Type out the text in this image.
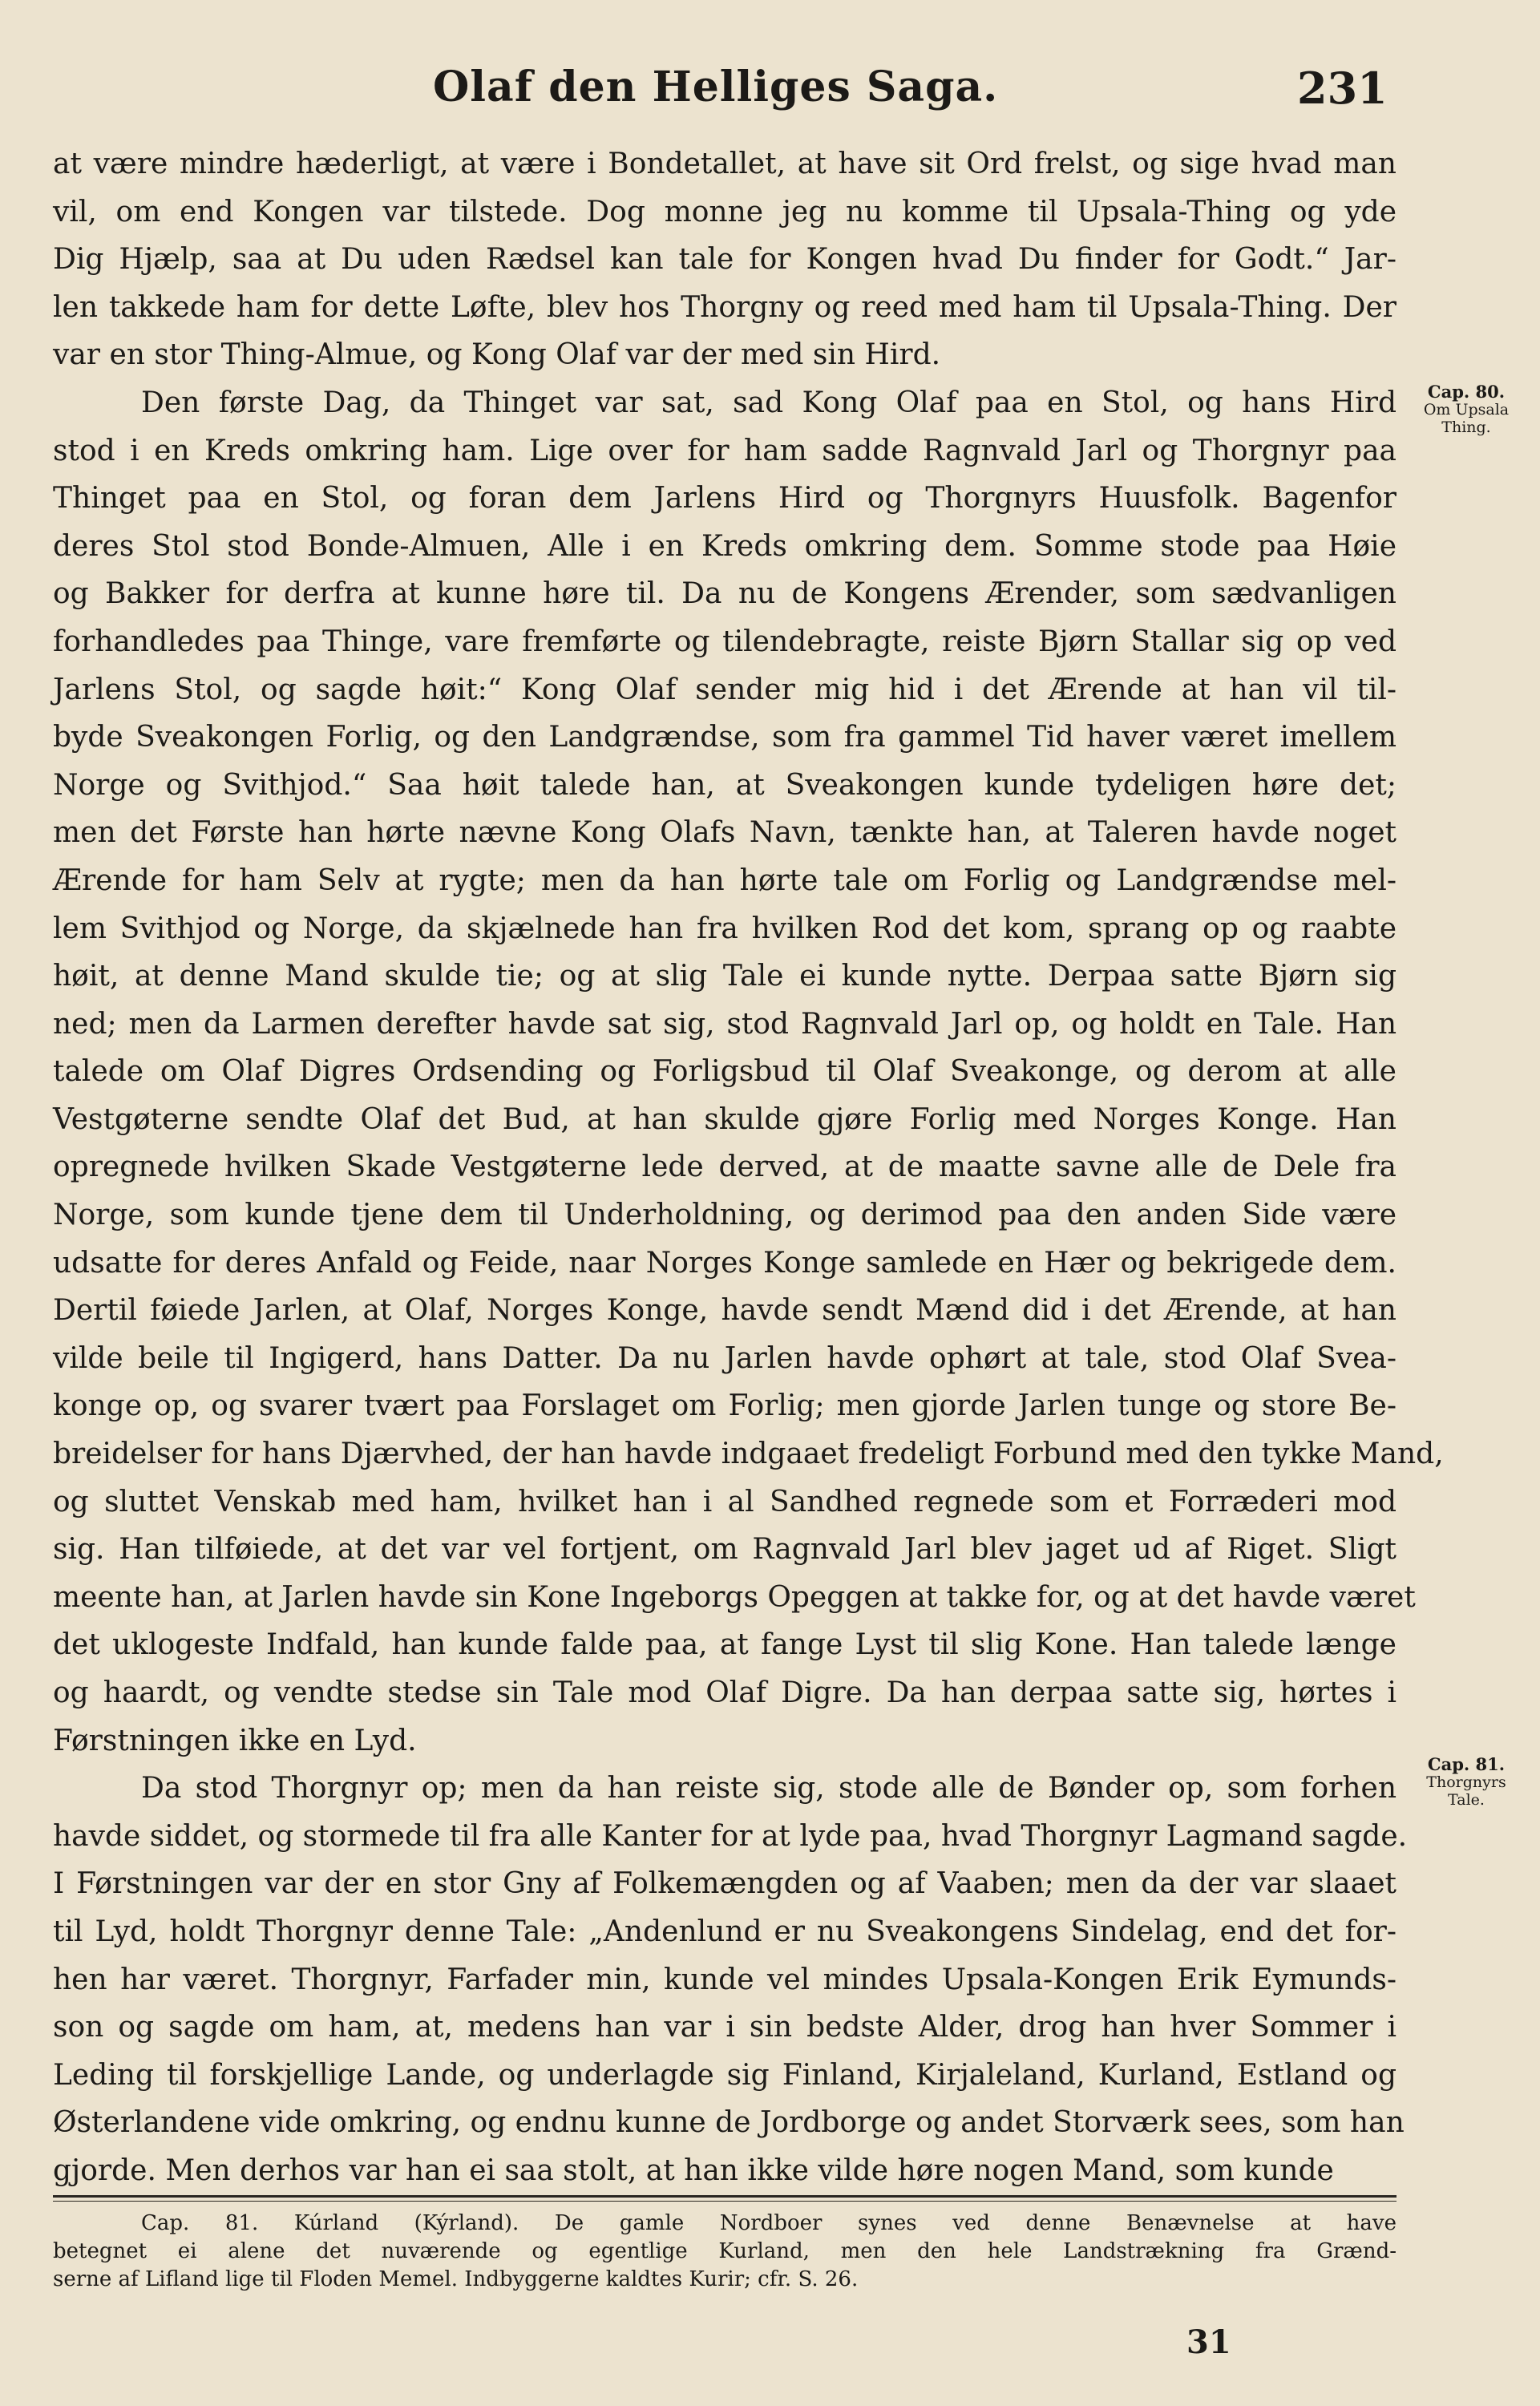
Olaf den Helliges Saga.	231
at være mindre hæderligt, at være i Bondetallet, at have sit Ord frelst, og sige hvad man
vil, om end Kongen var tilstede. Dog monne jeg nu komme til Upsala-Thing og yde
Dig Hjælp, saa at Du uden Rædsel kan tale for Kongen hvad Du finder for Godt.“ Jar-
len takkede ham for dette Løfte, blev hos Thorgny og reed med ham til Upsala-Thing. Der
var en stor Thing-Almue, og Kong Olaf var der med sin Hird.
Den første Dag, da Thinget var sat, sad Kong Olaf paa en Stol, og hans Hird
stod i en Kreds omkring ham. Lige over for ham sadde Ragnvald Jarl og Thorgnyr paa
Thinget paa en Stol, og foran dem Jarlens Hird og Thorgnyrs Huusfolk. Bagenfor
deres Stol stod Bonde-Almuen, Alle i en Kreds omkring dem. Somme stode paa Høie
og Bakker for derfra at kunne høre til. Da nu de Kongens Ærender, som sædvanligen
forhandledes paa Thinge, vare fremførte og tilendebragte, reiste Bjørn Stallar sig op ved
Jarlens Stol, og sagde høit:“ Kong Olaf sender mig hid i det Ærende at han vil til-
byde Sveakongen Forlig, og den Landgrændse, som fra gammel Tid haver været imellem
Norge og Svithjod.“ Saa høit talede han, at Sveakongen kunde tydeligen høre det;
men det Første han hørte nævne Kong Olafs Navn, tænkte han, at Taleren havde noget
Ærende for ham Selv at rygte; men da han hørte tale om Forlig og Landgrændse mel-
lem Svithjod og Norge, da skjælnede han fra hvilken Rod det kom, sprang op og raabte
høit, at denne Mand skulde tie; og at slig Tale ei kunde nytte. Derpaa satte Bjørn sig
ned; men da Larmen derefter havde sat sig, stod Ragnvald Jarl op, og holdt en Tale. Han
talede om Olaf Digres Ordsending og Forligsbud til Olaf Sveakonge, og derom at alle
Vestgøterne sendte Olaf det Bud, at han skulde gjøre Forlig med Norges Konge. Han
opregnede hvilken Skade Vestgøterne lede derved, at de maatte savne alle de Dele fra
Norge, som kunde tjene dem til Underholdning, og derimod paa den anden Side være
udsatte for deres Anfald og Feide, naar Norges Konge samlede en Hær og bekrigede dem.
Dertil føiede Jarlen, at Olaf, Norges Konge, havde sendt Mænd did i det Ærende, at han
vilde beile til Ingigerd, hans Datter. Da nu Jarlen havde ophørt at tale, stod Olaf Svea-
konge op, og svarer tvært paa Forslaget om Forlig; men gjorde Jarlen tunge og store Be-
breidelser for hans Djærvhed, der han havde indgaaet fredeligt Forbund med den tykke Mand,
og sluttet Venskab med ham, hvilket han i al Sandhed regnede som et Forræderi mod
sig. Han tilføiede, at det var vel fortjent, om Ragnvald Jarl blev jaget ud af Riget. Sligt
meente han, at Jarlen havde sin Kone Ingeborgs Opeggen at takke for, og at det havde været
det uklogeste Indfald, han kunde falde paa, at fange Lyst til slig Kone. Han talede længe
og haardt, og vendte stedse sin Tale mod Olaf Digre. Da han derpaa satte sig, hørtes i
Førstningen ikke en Lyd.
Da stod Thorgnyr op; men da han reiste sig, stode alle de Bønder op, som forhen
havde siddet, og stormede til fra alle Kanter for at lyde paa, hvad Thorgnyr Lagmand sagde.
I Førstningen var der en stor Gny af Folkemængden og af Vaaben; men da der var slaaet
til Lyd, holdt Thorgnyr denne Tale: „Andenlund er nu Sveakongens Sindelag, end det for-
hen har været. Thorgnyr, Farfader min, kunde vel mindes Upsala-Kongen Erik Eymunds-
son og sagde om ham, at, medens han var i sin bedste Alder, drog han hver Sommer i
Leding til forskjellige Lande, og underlagde sig Finland, Kirjaleland, Kurland, Estland og
Østerlandene vide omkring, og endnu kunne de Jordborge og andet Storværk sees, som han
gjorde. Men derhos var han ei saa stolt, at han ikke vilde høre nogen Mand, som kunde
Cap. 80.
Om Upsala Thing.
Cap. 81.
Thorgnyrs Tale.
Cap. 81. Kúrland (Kýrland). De gamle Nordboer synes ved denne Benævnelse at have
betegnet ei alene det nuværende og egentlige Kurland, men den hele Landstrækning fra Grænd-
serne af Lifland lige til Floden Memel. Indbyggerne kaldtes Kurir; cfr. S. 26.
31
